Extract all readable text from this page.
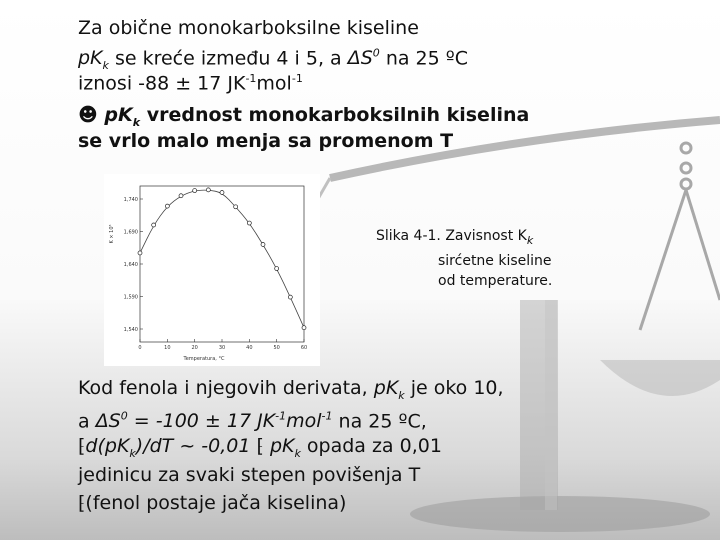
Za obične monokarboksilne kiseline
$pK_k$ se kreće između 4 i 5, a $\Delta S^0$ na 25 ºC
iznosi -88 ± 17 $JK^{-1}mol^{-1}$
☻ $pK_k$ vrednost monokarboksilnih kiselina
se vrlo malo menja sa promenom T
1,740
1,690
1,640
1,590
1,540
0	10	20	30	40	50	60
K × 10⁵
Temperatura, °C
Slika 4-1. Zavisnost $K_k$
sirćetne kiseline
od temperature.
Kod fenola i njegovih derivata, $pK_k$ je oko 10,
a $\Delta S^0 = -100 \pm 17$ $JK^{-1}mol^{-1}$ na 25 ºC,
$⁅d(pK_k)/dT$ ~ -0,01 ⁅ $pK_k$ opada za 0,01
jedinicu za svaki stepen povišenja T
⁅(fenol postaje jača kiselina)
